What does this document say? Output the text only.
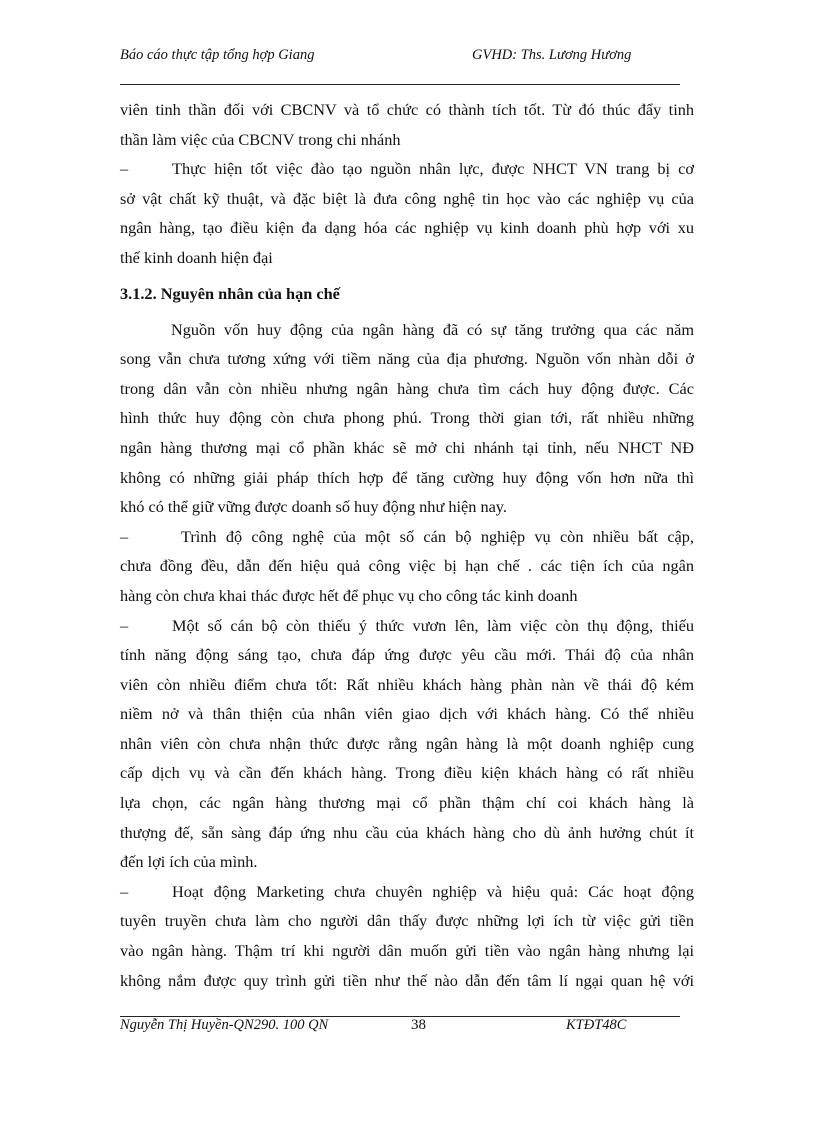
Báo cáo thực tập tổng hợp Giang	GVHD: Ths. Lương Hương
viên tinh thần đối với CBCNV và tổ chức có thành tích tốt. Từ đó thúc đẩy tinh
thần làm việc của CBCNV trong chi nhánh
–	Thực hiện tốt việc đào tạo nguồn nhân lực, được NHCT VN trang bị cơ
sở vật chất kỹ thuật, và đặc biệt là đưa công nghệ tin học vào các nghiệp vụ của
ngân hàng, tạo điều kiện đa dạng hóa các nghiệp vụ kinh doanh phù hợp với xu
thế kinh doanh hiện đại
3.1.2. Nguyên nhân của hạn chế
Nguồn vốn huy động của ngân hàng đã có sự tăng trưởng qua các năm
song vẫn chưa tương xứng với tiềm năng của địa phương. Nguồn vốn nhàn dỗi ở
trong dân vẫn còn nhiều nhưng ngân hàng chưa tìm cách huy động được. Các
hình thức huy động còn chưa phong phú. Trong thời gian tới, rất nhiều những
ngân hàng thương mại cổ phần khác sẽ mở chi nhánh tại tỉnh, nếu NHCT NĐ
không có những giải pháp thích hợp để tăng cường huy động vốn hơn nữa thì
khó có thể giữ vững được doanh số huy động như hiện nay.
–	Trình độ công nghệ của một số cán bộ nghiệp vụ còn nhiều bất cập,
chưa đồng đều, dẫn đến hiệu quả công việc bị hạn chế . các tiện ích của ngân
hàng còn chưa khai thác được hết để phục vụ cho công tác kinh doanh
–	Một số cán bộ còn thiếu ý thức vươn lên, làm việc còn thụ động, thiếu
tính năng động sáng tạo, chưa đáp ứng được yêu cầu mới. Thái độ của nhân
viên còn nhiều điểm chưa tốt: Rất nhiều khách hàng phàn nàn về thái độ kém
niềm nở và thân thiện của nhân viên giao dịch với khách hàng. Có thể nhiều
nhân viên còn chưa nhận thức được rằng ngân hàng là một doanh nghiệp cung
cấp dịch vụ và cần đến khách hàng. Trong điều kiện khách hàng có rất nhiều
lựa chọn, các ngân hàng thương mại cổ phần thậm chí coi khách hàng là
thượng đế, sẵn sàng đáp ứng nhu cầu của khách hàng cho dù ảnh hưởng chút ít
đến lợi ích của mình.
–	Hoạt động Marketing chưa chuyên nghiệp và hiệu quả: Các hoạt động
tuyên truyền chưa làm cho người dân thấy được những lợi ích từ việc gửi tiền
vào ngân hàng. Thậm trí khi người dân muốn gửi tiền vào ngân hàng nhưng lại
không nắm được quy trình gửi tiền như thế nào dẫn đến tâm lí ngại quan hệ với
Nguyễn Thị Huyền-QN290. 100 QN	38	KTĐT48C
